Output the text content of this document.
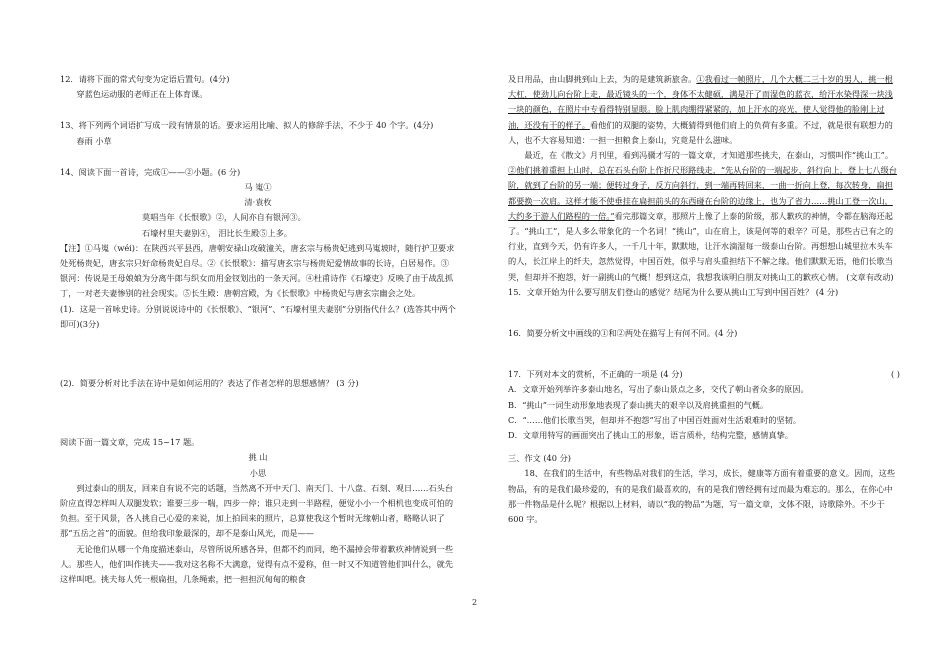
12．请将下面的常式句变为定语后置句。(4分)

穿蓝色运动服的老师正在上体育课。

13、将下列两个词语扩写成一段有情景的话。要求运用比喻、拟人的修辞手法，不少于 40 个字。(4分)

春雨 小草

14、阅读下面一首诗，完成①——②小题。(6 分)

马 嵬①

清·袁枚

莫唱当年《长恨歌》②，人间亦自有银河③。

石壕村里夫妻别④， 泪比长生殿⑤上多。

【注】①马嵬（wéi)：在陕西兴平县西，唐朝安禄山攻破潼关，唐玄宗与杨贵妃逃到马嵬坡时，随行护卫要求处死杨贵妃，唐玄宗只好命杨贵妃自尽。②《长恨歌》：描写唐玄宗与杨贵妃爱情故事的长诗，白居易作。③银河：传说是王母娘娘为分离牛郎与织女而用金钗划出的一条天河。④杜甫诗作《石壕吏》反映了由于战乱抓丁，一对老夫妻惨别的社会现实。⑤长生殿：唐朝宫殿，为《长恨歌》中杨贵妃与唐玄宗幽会之处。

(1)．这是一首咏史诗。分别说说诗中的《长恨歌》、“银河”、“石壕村里夫妻别”分别指代什么？(选答其中两个即可)(3分)

(2)．简要分析对比手法在诗中是如何运用的？表达了作者怎样的思想感情？ (3 分)

阅读下面一篇文章，完成 15~17 题。

挑 山

小思

到过泰山的朋友，回来自有说不完的话题，当然离不开中天门、南天门、十八盘、石刻、观日……石头台阶应直得怎样叫人双腿发软；谁要三步一喘，四步一停；谁只走到一半路程，便觉小小一个相机也变成可怕的负担。至于风景，各人挑自己心爱的来说，加上拍回来的照片，总算使我这个暂时无缘朝山者，略略认识了那“五岳之首”的面貌。但给我印象最深的，却不是泰山风光，而是——

无论他们从哪一个角度描述泰山，尽管所说所感各异，但都不约而同，绝不漏掉会带着歉疚神情说到一些人。那些人，他们叫作挑夫——我对这名称不大满意，觉得有点不爱称，但一时又不知道管他们叫什么，就先这样叫吧。挑夫每人凭一根扁担，几条绳索，把一担担沉甸甸的粮食

及日用品，由山脚挑到山上去，为的是建筑新旅舍。①我看过一帧照片，几个大概二三十岁的男人，挑一根大杠，使劲儿向台阶上走，最近镜头的一个，身体不太健硕，满是汗了而湿色的蓝衣，给汗水染得深一块浅一块的颜色，在照片中专看得特别显眼。脸上肌肉绷得紧紧的，加上汗水的亮光，使人觉得他的脸刚上过油，还没有干的样子。看他们的双腿的姿势，大概猜得到他们肩上的负荷有多重。不过，就是很有联想力的人，也不大容易知道：一担一担粮食上泰山，究竟是什么滋味。

最近，在《散文》月刊里，看到冯骥才写的一篇文章，才知道那些挑夫，在泰山，习惯叫作“挑山工”。②他们挑着重担上山时，总在石头台阶上作折尺形路线走，“先从台阶的一端起步，斜行向上，登上七八级台阶，就到了台阶的另一端；便转过身子，反方向斜行，到一端再转回来，一曲一折向上登，每次转身，扁担都要换一次肩。这样才能不使垂挂在扁担前头的东西碰在台阶的边缘上，也为了省力……挑山工登一次山，大约多于游人们路程的一倍。”看完那篇文章，那照片上像了上泰的阶级，那人歉疚的神情，令都在脑海还起了。“挑山工”，是人多么带象化的一个名词！“挑山”，山在肩上，该是何等的艰辛？可是，那些古已有之的行业，直到今天，仍有许多人，一千几十年，默默地，让汗水滴湿每一级泰山台阶。再想想山城里拉木头车的人，长江岸上的纤夫，忽然觉得，中国百姓，似乎与肩头重担结下不解之缘。他们默默无语，他们长歌当哭，但却并不抱怨，好一副挑山的气概！想到这点，我想我该明白朋友对挑山工的歉疚心情。 (文章有改动)

15．文章开始为什么要写朋友们登山的感觉？结尾为什么要从挑山工写到中国百姓？ (4 分)

16．简要分析文中画线的①和②两处在描写上有何不同。(4 分)

17．下列对本文的赏析，不正确的一项是 (4 分)	( )

A．文章开始列举许多泰山地名，写出了泰山景点之多，交代了朝山者众多的原因。

B．“挑山”一词生动形象地表现了泰山挑夫的艰辛以及肩挑重担的气概。

C．“……他们长歌当哭，但却并不抱怨”写出了中国百姓面对生活艰难时的坚韧。

D．文章用特写的画面突出了挑山工的形象，语言质朴，结构完整，感情真挚。

三、作文 (40 分)

18、在我们的生活中，有些物品对我们的生活，学习，成长，健康等方面有着重要的意义。因而，这些物品，有的是我们最珍爱的，有的是我们最喜欢的，有的是我们曾经拥有过而最为难忘的。那么，在你心中那一件物品是什么呢？根据以上材料，请以“我的物品”为题，写一篇文章，文体不限，诗歌除外。不少于 600 字。

2
